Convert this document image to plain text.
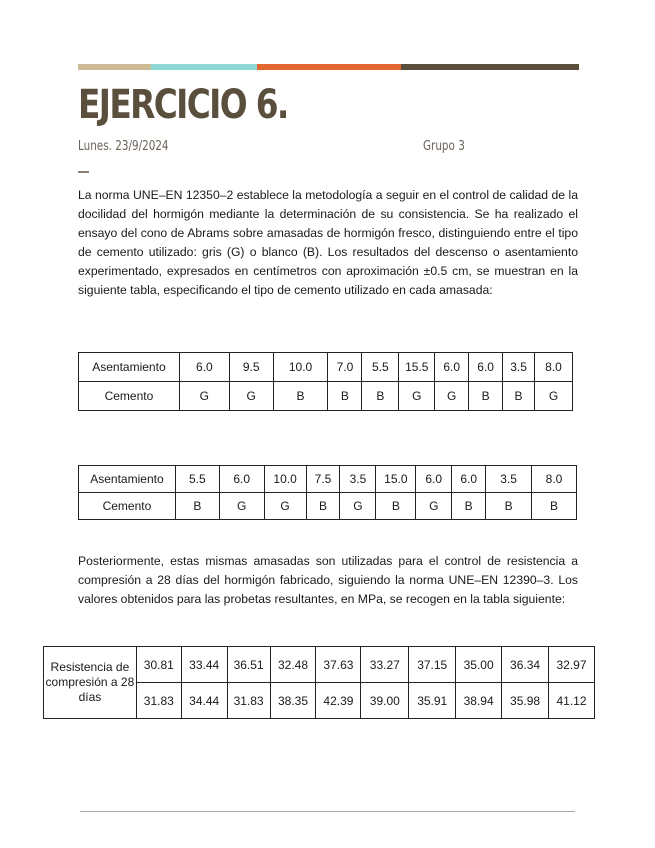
EJERCICIO 6.
Lunes. 23/9/2024	Grupo 3

La norma UNE–EN 12350–2 establece la metodología a seguir en el control de calidad de la docilidad del hormigón mediante la determinación de su consistencia. Se ha realizado el ensayo del cono de Abrams sobre amasadas de hormigón fresco, distinguiendo entre el tipo de cemento utilizado: gris (G) o blanco (B). Los resultados del descenso o asentamiento experimentado, expresados en centímetros con aproximación ±0.5 cm, se muestran en la siguiente tabla, especificando el tipo de cemento utilizado en cada amasada:

Asentamiento	6.0	9.5	10.0	7.0	5.5	15.5	6.0	6.0	3.5	8.0
Cemento	G	G	B	B	B	G	G	B	B	G
Asentamiento	5.5	6.0	10.0	7.5	3.5	15.0	6.0	6.0	3.5	8.0
Cemento	B	G	G	B	G	B	G	B	B	B

Posteriormente, estas mismas amasadas son utilizadas para el control de resistencia a compresión a 28 días del hormigón fabricado, siguiendo la norma UNE–EN 12390–3. Los valores obtenidos para las probetas resultantes, en MPa, se recogen en la tabla siguiente:

Resistencia de compresión a 28 días	30.81	33.44	36.51	32.48	37.63	33.27	37.15	35.00	36.34	32.97
	31.83	34.44	31.83	38.35	42.39	39.00	35.91	38.94	35.98	41.12
